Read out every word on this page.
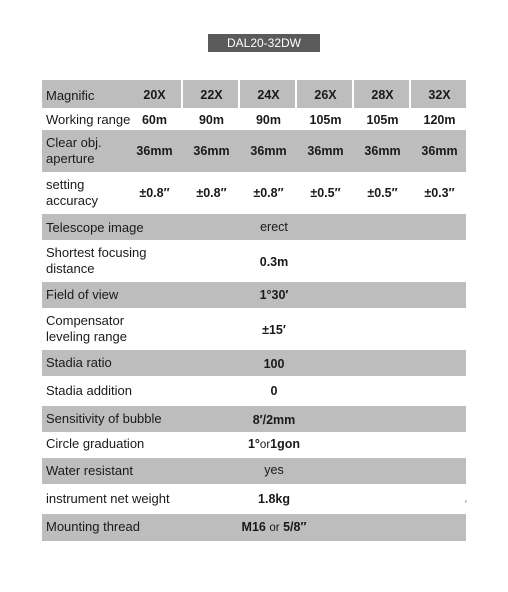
DAL20-32DW
Magnific	20X	22X	24X	26X	28X	32X
Working range 60m	90m	90m	105m	105m	120m
Clear obj.
aperture	36mm	36mm	36mm	36mm	36mm	36mm
setting
accuracy	±0.8″	±0.8″	±0.8″	±0.5″	±0.5″	±0.3″
Telescope image	erect
Shortest focusing
distance	0.3m
Field of view	1°30′
Compensator
leveling range	±15′
Stadia ratio	100
Stadia addition	0
Sensitivity of bubble	8′/2mm
Circle graduation	1°or1gon
Water resistant	yes
instrument net weight	1.8kg
Mounting thread	M16 or 5/8″
'
